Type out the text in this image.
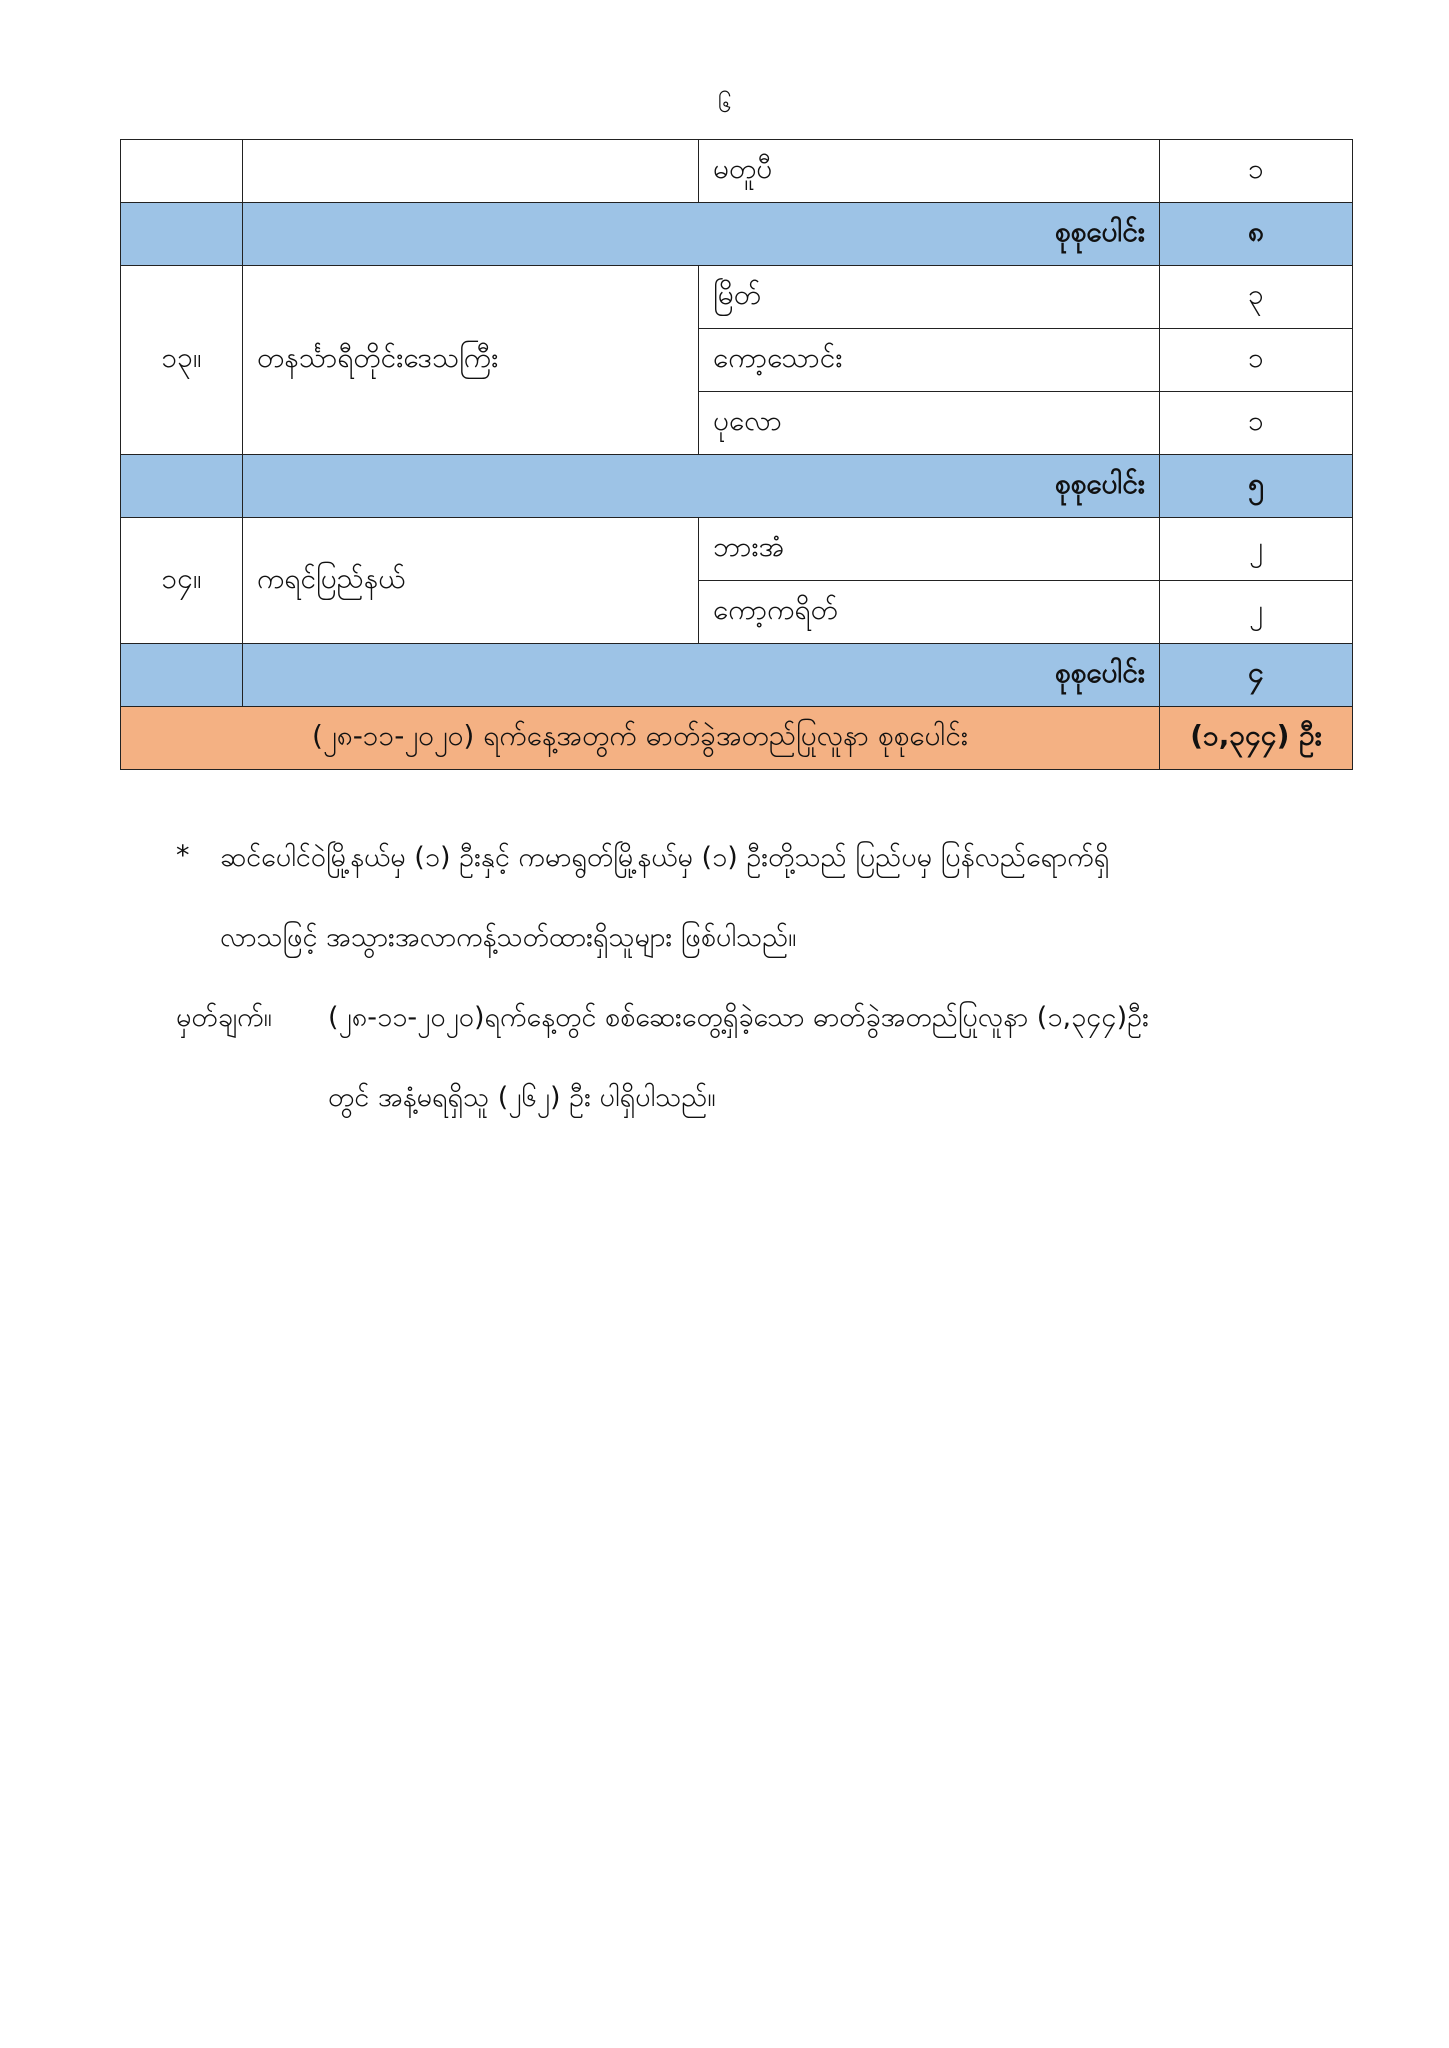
၆
		မတူပီ	၁
	စုစုပေါင်း		၈
၁၃။	တနင်္သာရီတိုင်းဒေသကြီး	မြိတ်	၃
		ကော့သောင်း	၁
		ပုလော	၁
	စုစုပေါင်း		၅
၁၄။	ကရင်ပြည်နယ်	ဘားအံ	၂
		ကော့ကရိတ်	၂
	စုစုပေါင်း		၄
(၂၈-၁၁-၂၀၂၀) ရက်နေ့အတွက် ဓာတ်ခွဲအတည်ပြုလူနာ စုစုပေါင်း			(၁,၃၄၄) ဦး
* ဆင်ပေါင်ဝဲမြို့နယ်မှ (၁) ဦးနှင့် ကမာရွတ်မြို့နယ်မှ (၁) ဦးတို့သည် ပြည်ပမှ ပြန်လည်ရောက်ရှိ
လာသဖြင့် အသွားအလာကန့်သတ်ထားရှိသူများ ဖြစ်ပါသည်။
မှတ်ချက်။ (၂၈-၁၁-၂၀၂၀)ရက်နေ့တွင် စစ်ဆေးတွေ့ရှိခဲ့သော ဓာတ်ခွဲအတည်ပြုလူနာ (၁,၃၄၄)ဦး
တွင် အနံ့မရရှိသူ (၂၆၂) ဦး ပါရှိပါသည်။
